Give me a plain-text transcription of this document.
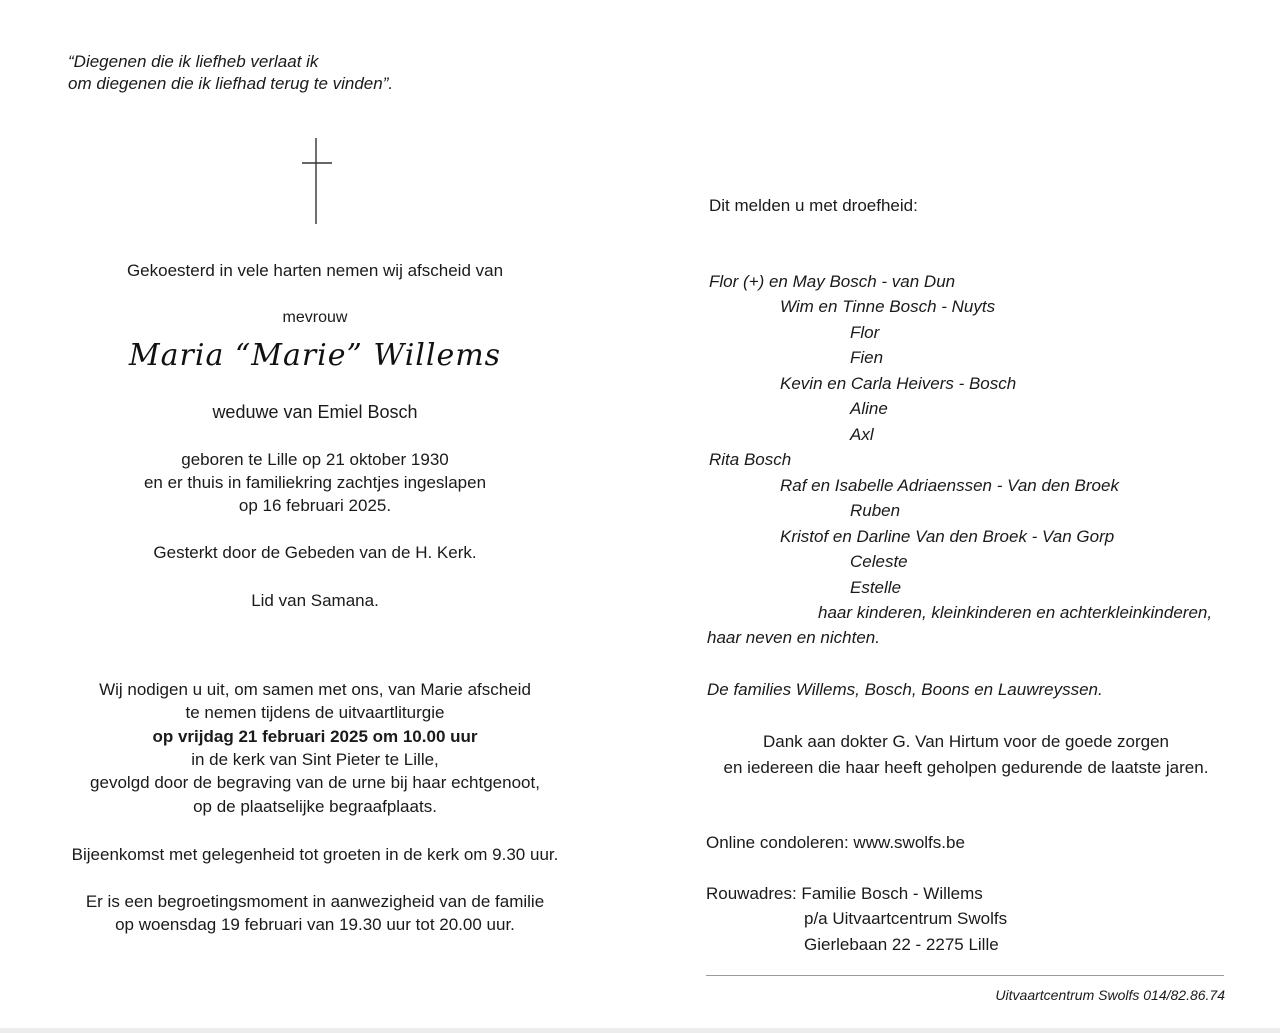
“Diegenen die ik liefheb verlaat ik
om diegenen die ik liefhad terug te vinden”.
Gekoesterd in vele harten nemen wij afscheid van
mevrouw
Maria “Marie” Willems
weduwe van Emiel Bosch
geboren te Lille op 21 oktober 1930
en er thuis in familiekring zachtjes ingeslapen
op 16 februari 2025.
Gesterkt door de Gebeden van de H. Kerk.
Lid van Samana.
Wij nodigen u uit, om samen met ons, van Marie afscheid
te nemen tijdens de uitvaartliturgie
op vrijdag 21 februari 2025 om 10.00 uur
in de kerk van Sint Pieter te Lille,
gevolgd door de begraving van de urne bij haar echtgenoot,
op de plaatselijke begraafplaats.
Bijeenkomst met gelegenheid tot groeten in de kerk om 9.30 uur.
Er is een begroetingsmoment in aanwezigheid van de familie
op woensdag 19 februari van 19.30 uur tot 20.00 uur.
Dit melden u met droefheid:
Flor (+) en May Bosch - van Dun
Wim en Tinne Bosch - Nuyts
Flor
Fien
Kevin en Carla Heivers - Bosch
Aline
Axl
Rita Bosch
Raf en Isabelle Adriaenssen - Van den Broek
Ruben
Kristof en Darline Van den Broek - Van Gorp
Celeste
Estelle
haar kinderen, kleinkinderen en achterkleinkinderen,
haar neven en nichten.
De families Willems, Bosch, Boons en Lauwreyssen.
Dank aan dokter G. Van Hirtum voor de goede zorgen
en iedereen die haar heeft geholpen gedurende de laatste jaren.
Online condoleren: www.swolfs.be
Rouwadres: Familie Bosch - Willems
p/a Uitvaartcentrum Swolfs
Gierlebaan 22 - 2275 Lille
Uitvaartcentrum Swolfs 014/82.86.74
